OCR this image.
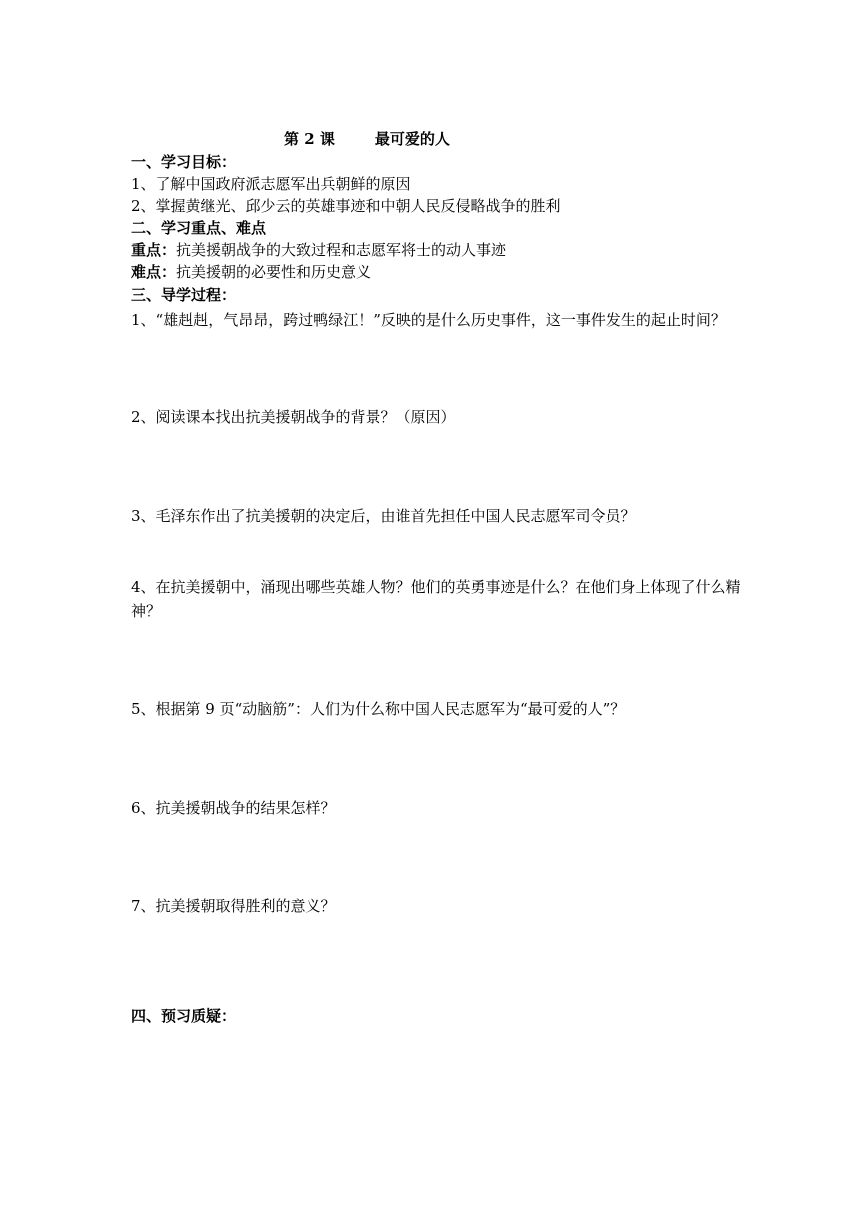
第 2 课	最可爱的人
一、学习目标：
1、了解中国政府派志愿军出兵朝鲜的原因
2、掌握黄继光、邱少云的英雄事迹和中朝人民反侵略战争的胜利
二、学习重点、难点
重点：抗美援朝战争的大致过程和志愿军将士的动人事迹
难点：抗美援朝的必要性和历史意义
三、导学过程：
1、“雄赳赳，气昂昂，跨过鸭绿江！”反映的是什么历史事件，这一事件发生的起止时间？
2、阅读课本找出抗美援朝战争的背景？（原因）
3、毛泽东作出了抗美援朝的决定后，由谁首先担任中国人民志愿军司令员？
4、在抗美援朝中，涌现出哪些英雄人物？他们的英勇事迹是什么？在他们身上体现了什么精神？
5、根据第 9 页“动脑筋”：人们为什么称中国人民志愿军为“最可爱的人”？
6、抗美援朝战争的结果怎样？
7、抗美援朝取得胜利的意义？
四、预习质疑：
